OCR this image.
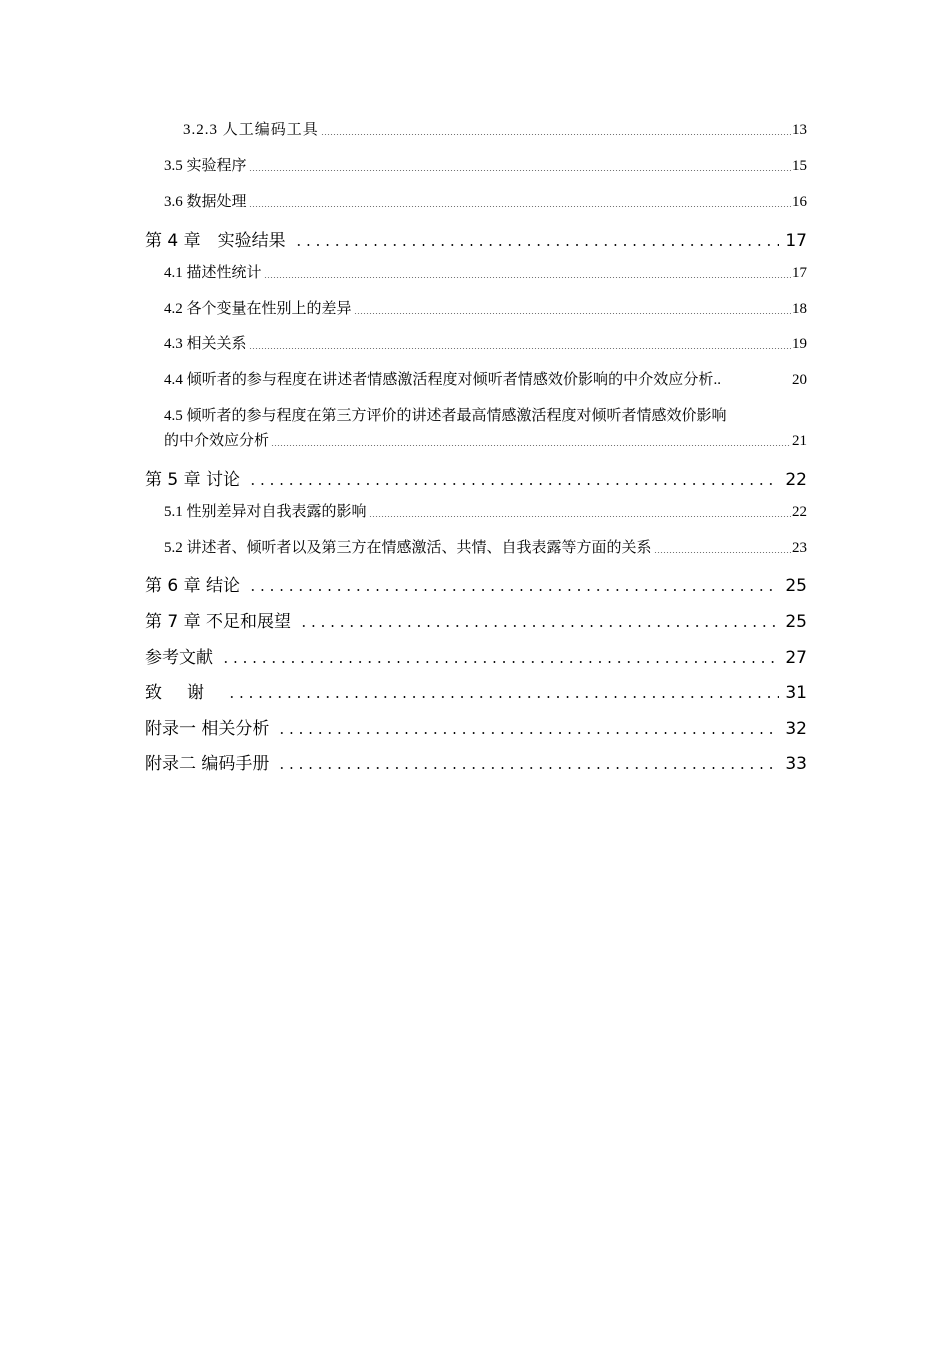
3.2.3 人工编码工具	13
3.5 实验程序	15
3.6 数据处理	16
第 4 章　实验结果	17
4.1 描述性统计	17
4.2 各个变量在性别上的差异	18
4.3 相关关系	19
4.4 倾听者的参与程度在讲述者情感激活程度对倾听者情感效价影响的中介效应分析..	20
4.5 倾听者的参与程度在第三方评价的讲述者最高情感激活程度对倾听者情感效价影响
的中介效应分析	21
第 5 章 讨论	22
5.1 性别差异对自我表露的影响	22
5.2 讲述者、倾听者以及第三方在情感激活、共情、自我表露等方面的关系	23
第 6 章 结论	25
第 7 章 不足和展望	25
参考文献	27
致　谢	31
附录一 相关分析	32
附录二 编码手册	33
